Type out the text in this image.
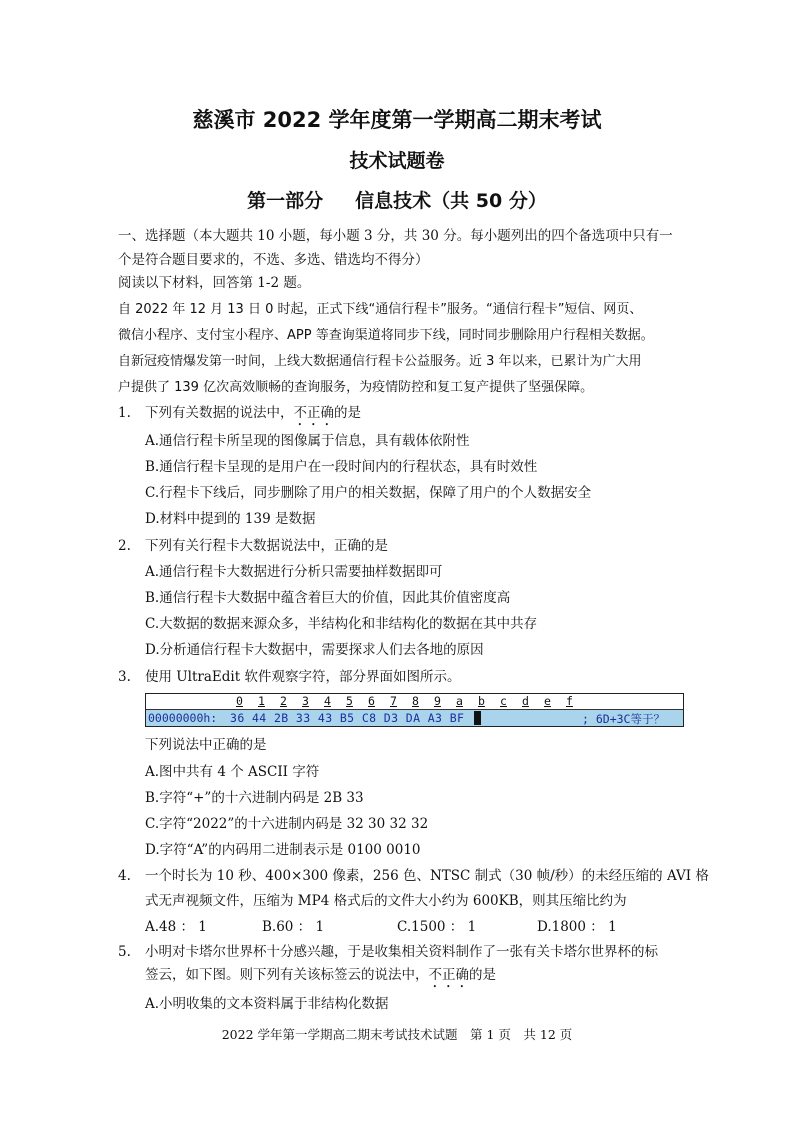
慈溪市 2022 学年度第一学期高二期末考试
技术试题卷
第一部分 信息技术（共 50 分）
一、选择题（本大题共 10 小题，每小题 3 分，共 30 分。每小题列出的四个备选项中只有一
个是符合题目要求的，不选、多选、错选均不得分）
阅读以下材料，回答第 1-2 题。
自 2022 年 12 月 13 日 0 时起，正式下线“通信行程卡”服务。“通信行程卡”短信、网页、
微信小程序、支付宝小程序、APP 等查询渠道将同步下线，同时同步删除用户行程相关数据。
自新冠疫情爆发第一时间，上线大数据通信行程卡公益服务。近 3 年以来，已累计为广大用
户提供了 139 亿次高效顺畅的查询服务，为疫情防控和复工复产提供了坚强保障。
1. 下列有关数据的说法中，不正确的是
A.通信行程卡所呈现的图像属于信息，具有载体依附性
B.通信行程卡呈现的是用户在一段时间内的行程状态，具有时效性
C.行程卡下线后，同步删除了用户的相关数据，保障了用户的个人数据安全
D.材料中提到的 139 是数据
2. 下列有关行程卡大数据说法中，正确的是
A.通信行程卡大数据进行分析只需要抽样数据即可
B.通信行程卡大数据中蕴含着巨大的价值，因此其价值密度高
C.大数据的数据来源众多，半结构化和非结构化的数据在其中共存
D.分析通信行程卡大数据中，需要探求人们去各地的原因
3. 使用 UltraEdit 软件观察字符，部分界面如图所示。
0 1 2 3 4 5 6 7 8 9 a b c d e f
00000000h: 36 44 2B 33 43 B5 C8 D3 DA A3 BF	; 6D+3C等于？
下列说法中正确的是
A.图中共有 4 个 ASCII 字符
B.字符“+”的十六进制内码是 2B 33
C.字符“2022”的十六进制内码是 32 30 32 32
D.字符“A”的内码用二进制表示是 0100 0010
4. 一个时长为 10 秒、400×300 像素，256 色、NTSC 制式（30 帧/秒）的未经压缩的 AVI 格
式无声视频文件，压缩为 MP4 格式后的文件大小约为 600KB，则其压缩比约为
A.48 ： 1	B.60 ： 1	C.1500 ： 1	D.1800 ： 1
5. 小明对卡塔尔世界杯十分感兴趣，于是收集相关资料制作了一张有关卡塔尔世界杯的标
签云，如下图。则下列有关该标签云的说法中，不正确的是
A.小明收集的文本资料属于非结构化数据
2022 学年第一学期高二期末考试技术试题　第 1 页　共 12 页
